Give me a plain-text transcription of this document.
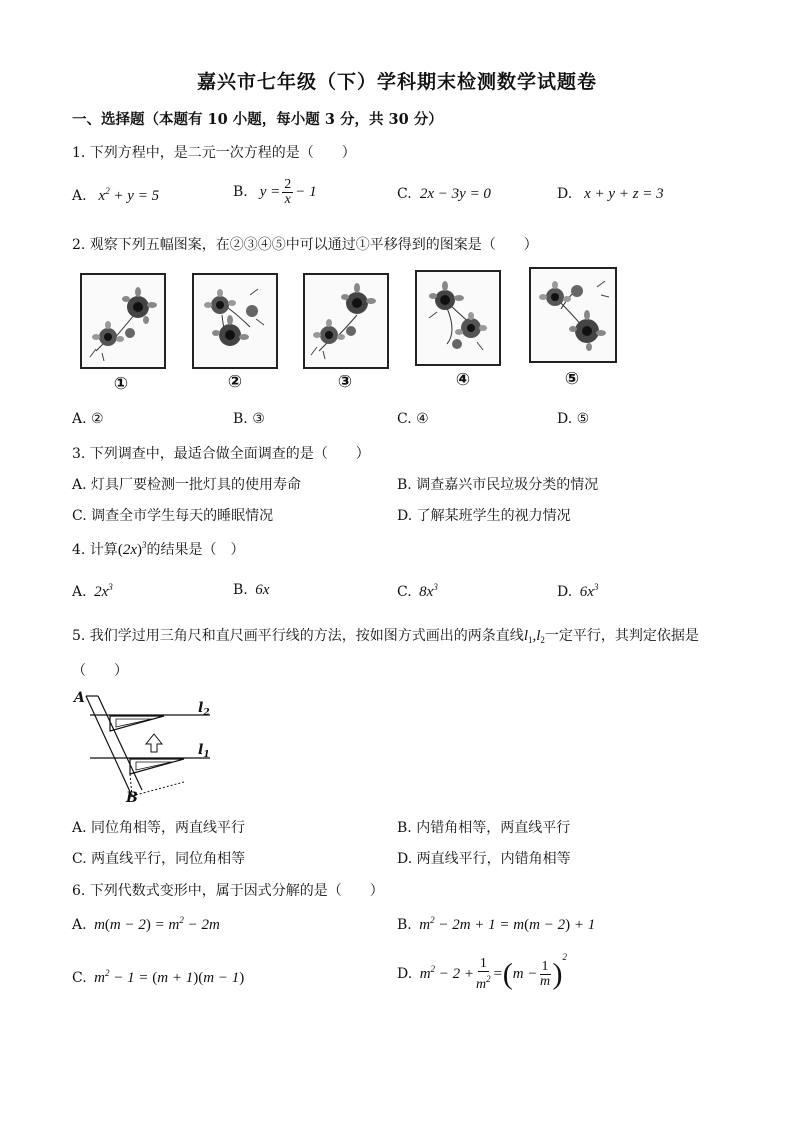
嘉兴市七年级（下）学科期末检测数学试题卷
一、选择题（本题有 10 小题，每小题 3 分，共 30 分）
1. 下列方程中，是二元一次方程的是（　　）
A.   $x^2 + y = 5$	B.   $y = \frac{2}{x} - 1$	C.  2x − 3y = 0	D.   x + y + z = 3
2. 观察下列五幅图案，在②③④⑤中可以通过①平移得到的图案是（　　）
①	②	③	④	⑤
A. ②	B. ③	C. ④	D. ⑤
3. 下列调查中，最适合做全面调查的是（　　）
A. 灯具厂要检测一批灯具的使用寿命	B. 调查嘉兴市民垃圾分类的情况
C. 调查全市学生每天的睡眠情况	D. 了解某班学生的视力情况
4. 计算$(2x)^3$的结果是（　）
A.  $2x^3$	B.  6x	C.  $8x^3$	D.  $6x^3$
5. 我们学过用三角尺和直尺画平行线的方法，按如图方式画出的两条直线$l_1,l_2$一定平行，其判定依据是
（　　）
A
B
$l_2$
$l_1$
A. 同位角相等，两直线平行	B. 内错角相等，两直线平行
C. 两直线平行，同位角相等	D. 两直线平行，内错角相等
6. 下列代数式变形中，属于因式分解的是（　　）
A.  $m(m - 2) = m^2 - 2m$	B.  $m^2 - 2m + 1 = m(m - 2) + 1$
C.  $m^2 - 1 = (m + 1)(m - 1)$	D.  $m^2 - 2 + \frac{1}{m^2} =(m - \frac{1}{m} )^2$
